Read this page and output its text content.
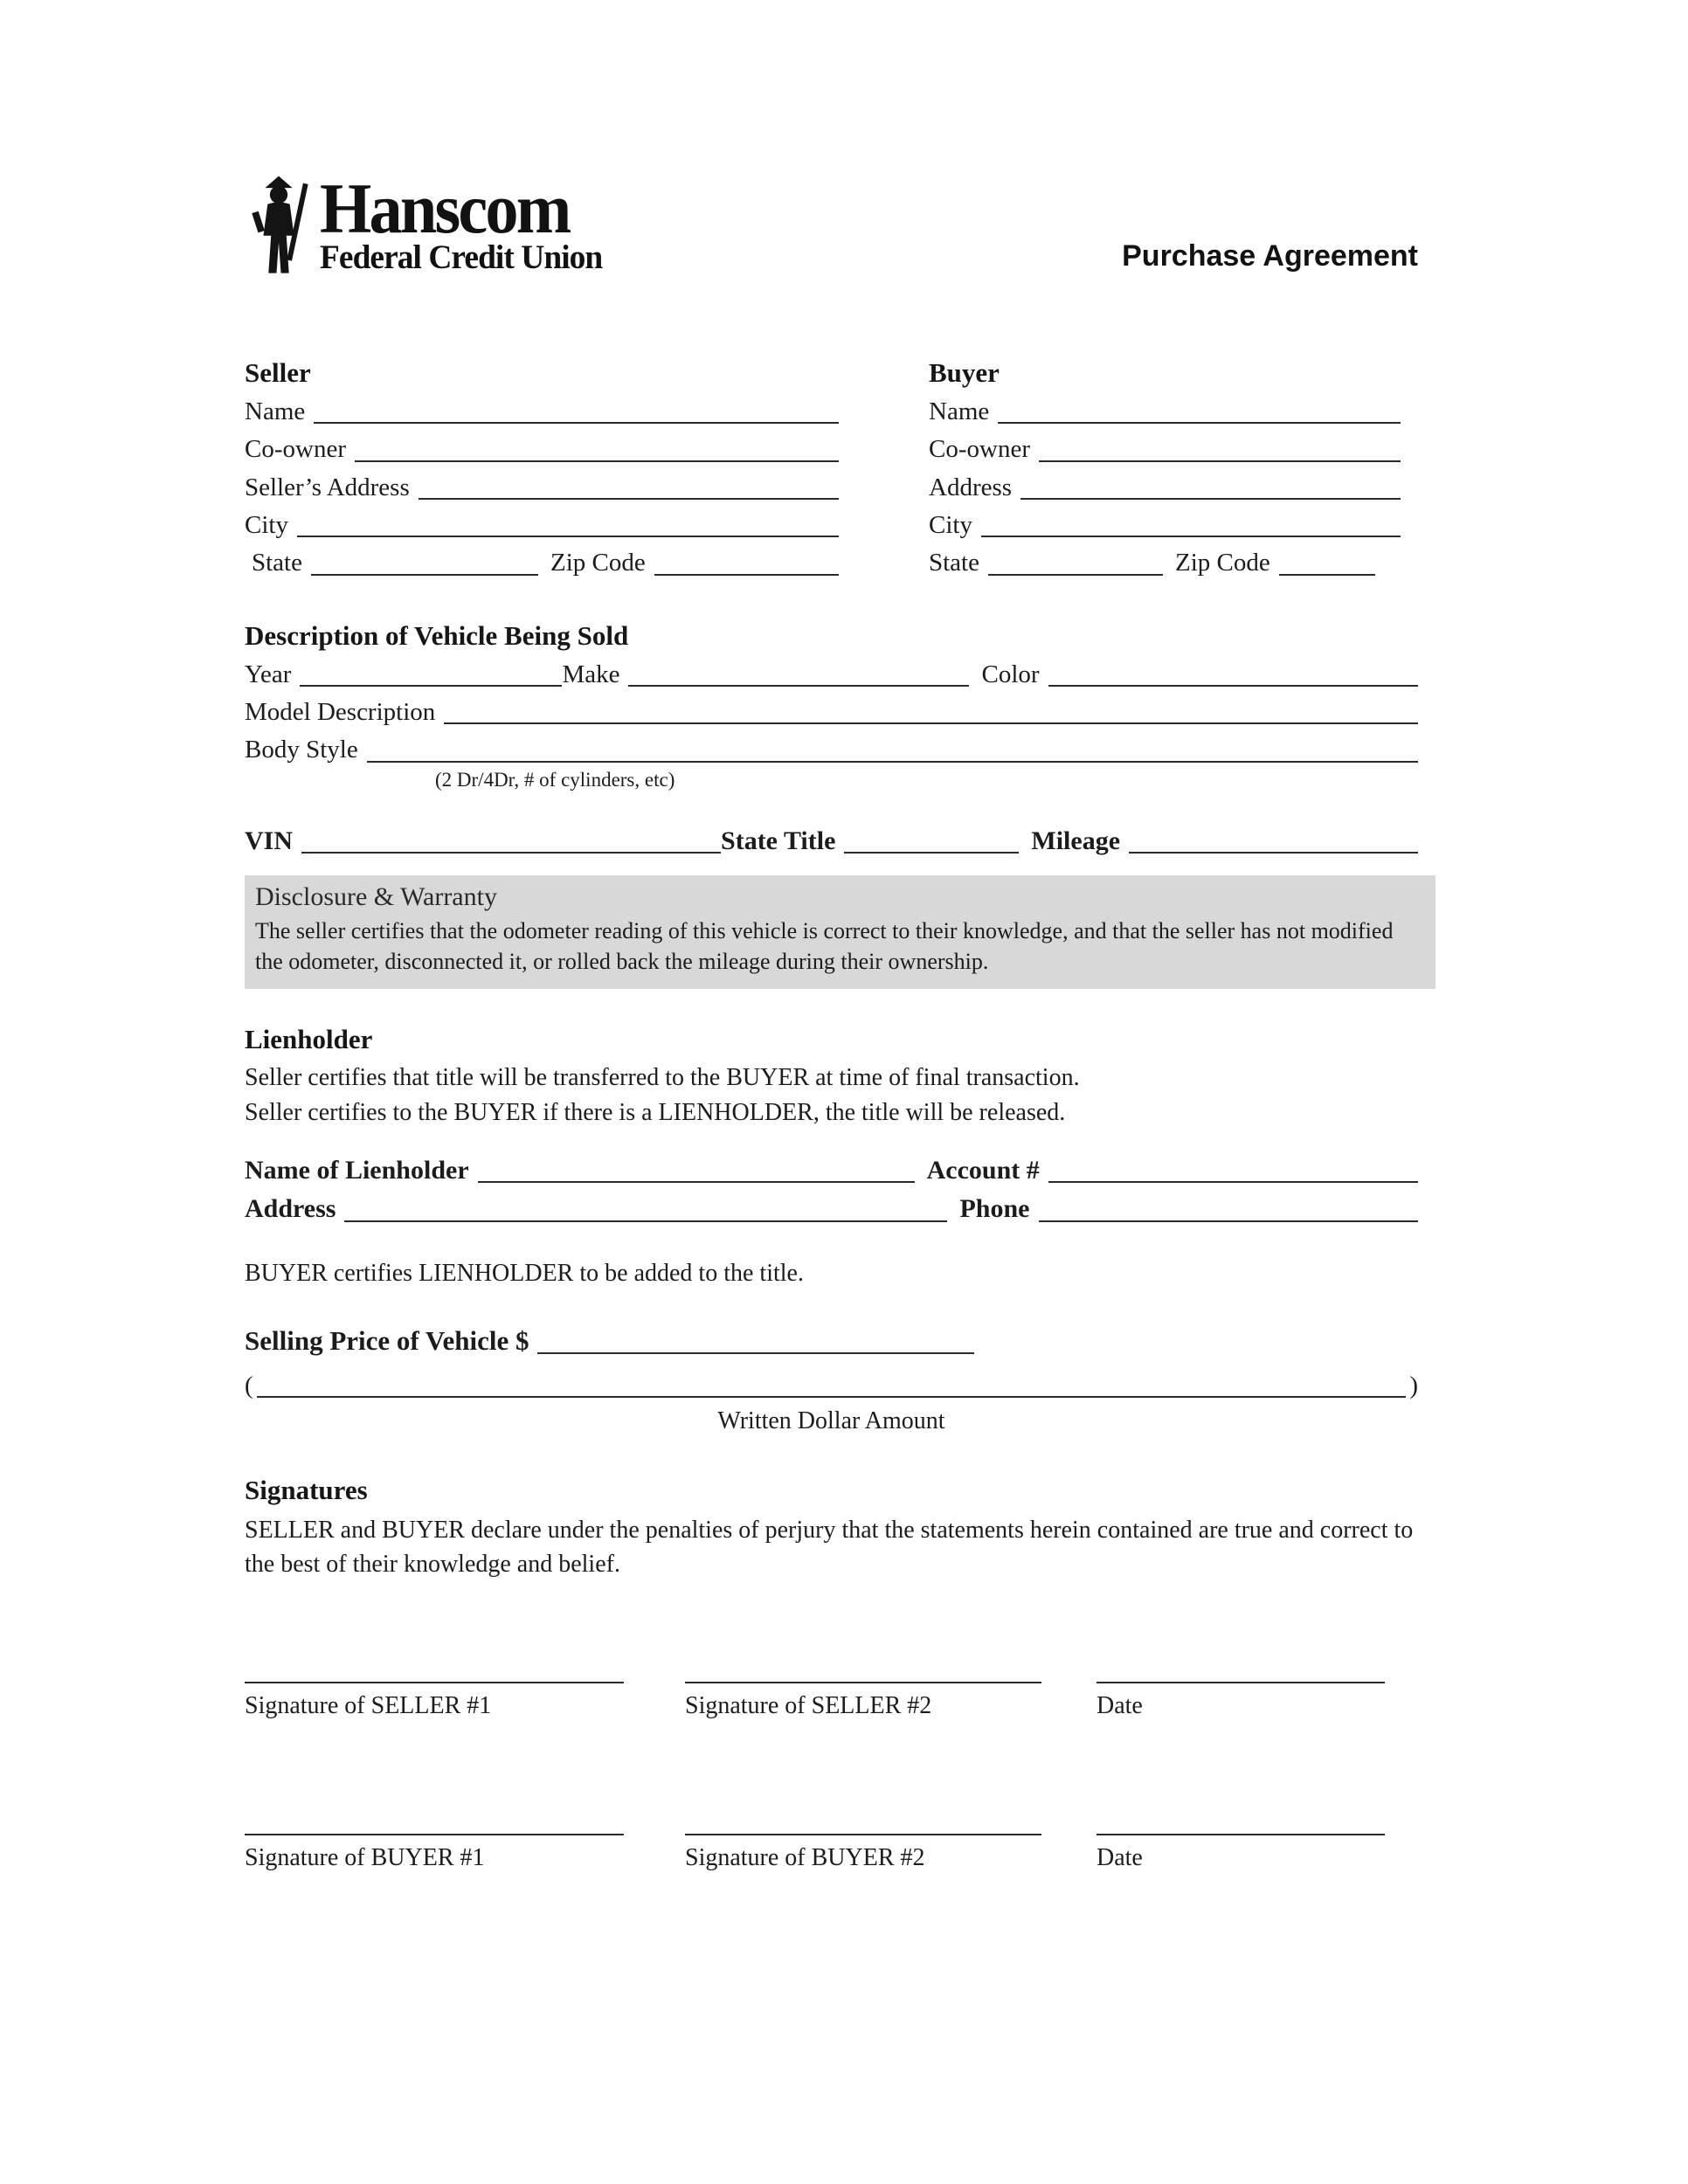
Hanscom
Federal Credit Union	Purchase Agreement
Seller
Name
Co-owner
Seller’s Address
City
State	Zip Code
Buyer
Name
Co-owner
Address
City
State	Zip Code
Description of Vehicle Being Sold
Year	Make	Color
Model Description
Body Style
(2 Dr/4Dr, # of cylinders, etc)
VIN	State Title	Mileage
Disclosure & Warranty

The seller certifies that the odometer reading of this vehicle is correct to their knowledge, and that the seller has not modified the odometer, disconnected it, or rolled back the mileage during their ownership.

Lienholder

Seller certifies that title will be transferred to the BUYER at time of final transaction.

Seller certifies to the BUYER if there is a LIENHOLDER, the title will be released.

Name of Lienholder	Account #
Address	Phone

BUYER certifies LIENHOLDER to be added to the title.

Selling Price of Vehicle $
(	)
Written Dollar Amount
Signatures

SELLER and BUYER declare under the penalties of perjury that the statements herein contained are true and correct to the best of their knowledge and belief.

Signature of SELLER #1	Signature of SELLER #2	Date
Signature of BUYER #1	Signature of BUYER #2	Date
